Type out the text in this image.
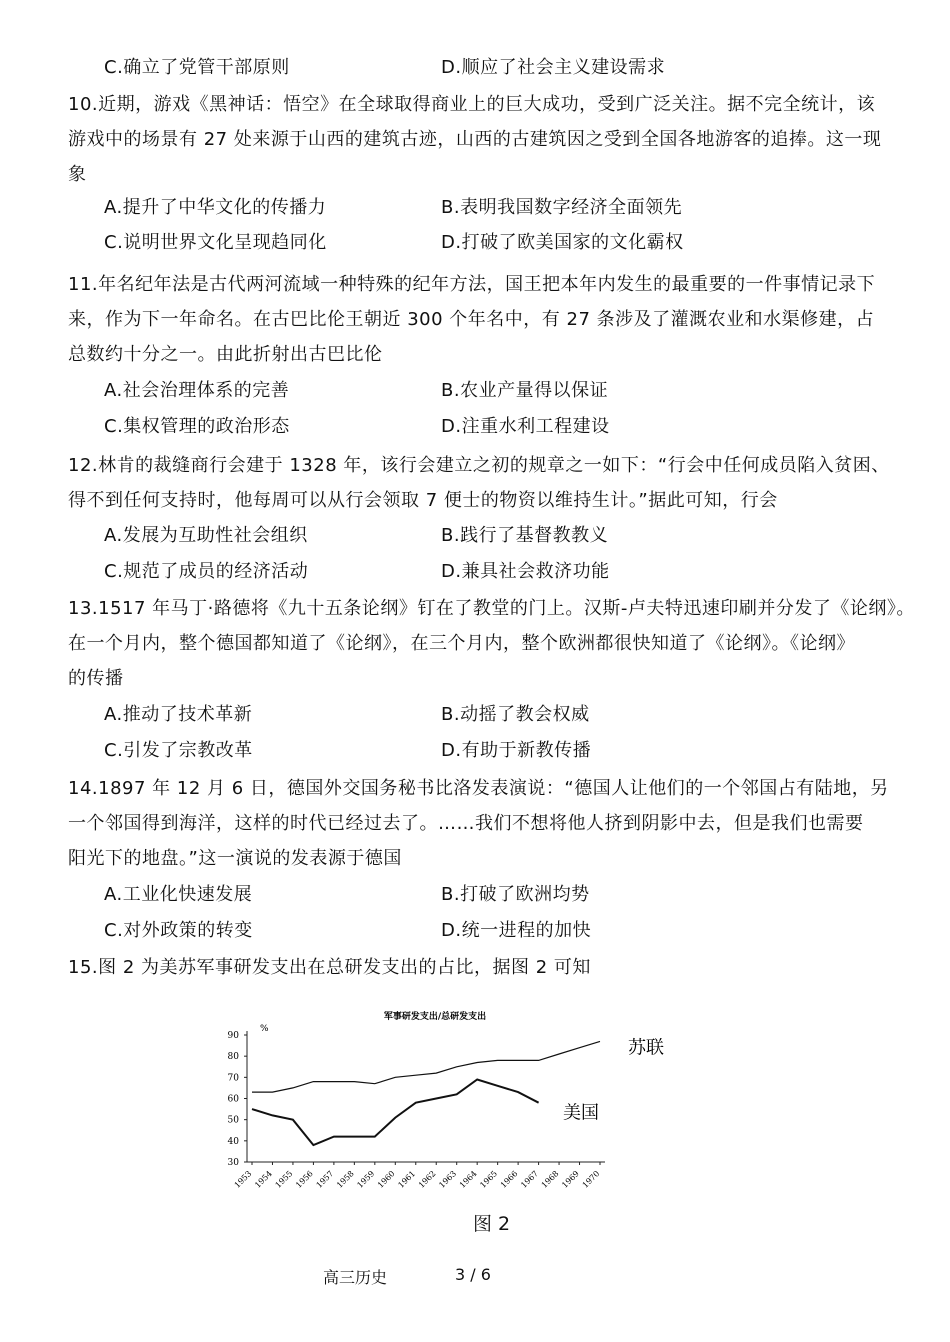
C.确立了党管干部原则	D.顺应了社会主义建设需求
10.近期，游戏《黑神话：悟空》在全球取得商业上的巨大成功，受到广泛关注。据不完全统计，该
游戏中的场景有 27 处来源于山西的建筑古迹，山西的古建筑因之受到全国各地游客的追捧。这一现
象
A.提升了中华文化的传播力	B.表明我国数字经济全面领先
C.说明世界文化呈现趋同化	D.打破了欧美国家的文化霸权
11.年名纪年法是古代两河流域一种特殊的纪年方法，国王把本年内发生的最重要的一件事情记录下
来，作为下一年命名。在古巴比伦王朝近 300 个年名中，有 27 条涉及了灌溉农业和水渠修建，占
总数约十分之一。由此折射出古巴比伦
A.社会治理体系的完善	B.农业产量得以保证
C.集权管理的政治形态	D.注重水利工程建设
12.林肯的裁缝商行会建于 1328 年，该行会建立之初的规章之一如下：“行会中任何成员陷入贫困、
得不到任何支持时，他每周可以从行会领取 7 便士的物资以维持生计。”据此可知，行会
A.发展为互助性社会组织	B.践行了基督教教义
C.规范了成员的经济活动	D.兼具社会救济功能
13.1517 年马丁·路德将《九十五条论纲》钉在了教堂的门上。汉斯-卢夫特迅速印刷并分发了《论纲》。
在一个月内，整个德国都知道了《论纲》，在三个月内，整个欧洲都很快知道了《论纲》。《论纲》
的传播
A.推动了技术革新	B.动摇了教会权威
C.引发了宗教改革	D.有助于新教传播
14.1897 年 12 月 6 日，德国外交国务秘书比洛发表演说：“德国人让他们的一个邻国占有陆地，另
一个邻国得到海洋，这样的时代已经过去了。……我们不想将他人挤到阴影中去，但是我们也需要
阳光下的地盘。”这一演说的发表源于德国
A.工业化快速发展	B.打破了欧洲均势
C.对外政策的转变	D.统一进程的加快
15.图 2 为美苏军事研发支出在总研发支出的占比，据图 2 可知
军事研发支出/总研发支出
%
90
80
70
60
50
40
30
1953 1954 1955 1956 1957 1958 1959 1960 1961 1962 1963 1964 1965 1966 1967 1968 1969 1970
苏联
美国
图 2
高三历史	3 / 6
